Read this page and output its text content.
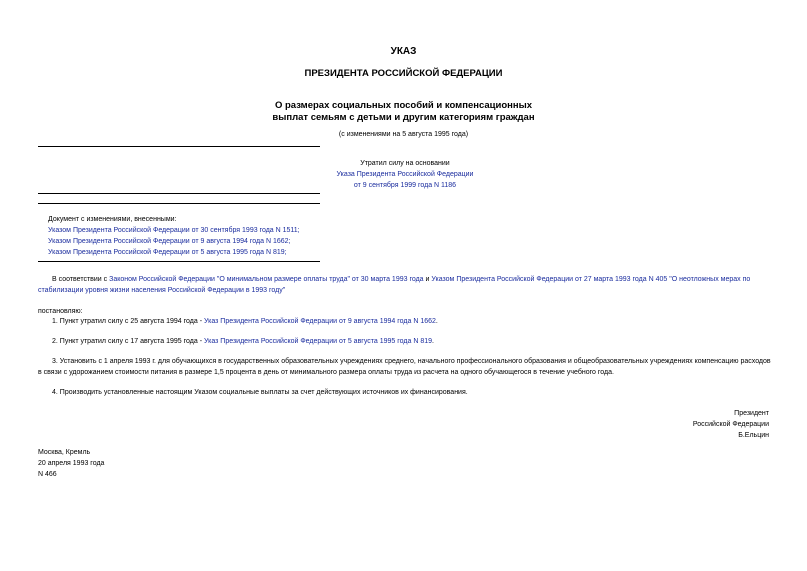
УКАЗ
ПРЕЗИДЕНТА РОССИЙСКОЙ ФЕДЕРАЦИИ
О размерах социальных пособий и компенсационных
выплат семьям с детьми и другим категориям граждан
(с изменениями на 5 августа 1995 года)
Утратил силу на основании
Указа Президента Российской Федерации
от 9 сентября 1999 года N 1186
Документ с изменениями, внесенными:
Указом Президента Российской Федерации от 30 сентября 1993 года N 1511;
Указом Президента Российской Федерации от 9 августа 1994 года N 1662;
Указом Президента Российской Федерации от 5 августа 1995 года N 819;

В соответствии с Законом Российской Федерации "О минимальном размере оплаты труда" от 30 марта 1993 года и Указом Президента Российской Федерации от 27 марта 1993 года N 405 "О неотложных мерах по стабилизации уровня жизни населения Российской Федерации в 1993 году"

постановляю:

1. Пункт утратил силу с 25 августа 1994 года - Указ Президента Российской Федерации от 9 августа 1994 года N 1662.

2. Пункт утратил силу с 17 августа 1995 года - Указ Президента Российской Федерации от 5 августа 1995 года N 819.

3. Установить с 1 апреля 1993 г. для обучающихся в государственных образовательных учреждениях среднего, начального профессионального образования и общеобразовательных учреждениях компенсацию расходов в связи с удорожанием стоимости питания в размере 1,5 процента в день от минимального размера оплаты труда из расчета на одного обучающегося в течение учебного года.

4. Производить установленные настоящим Указом социальные выплаты за счет действующих источников их финансирования.

Президент
Российской Федерации
Б.Ельцин
Москва, Кремль
20 апреля 1993 года
N 466
